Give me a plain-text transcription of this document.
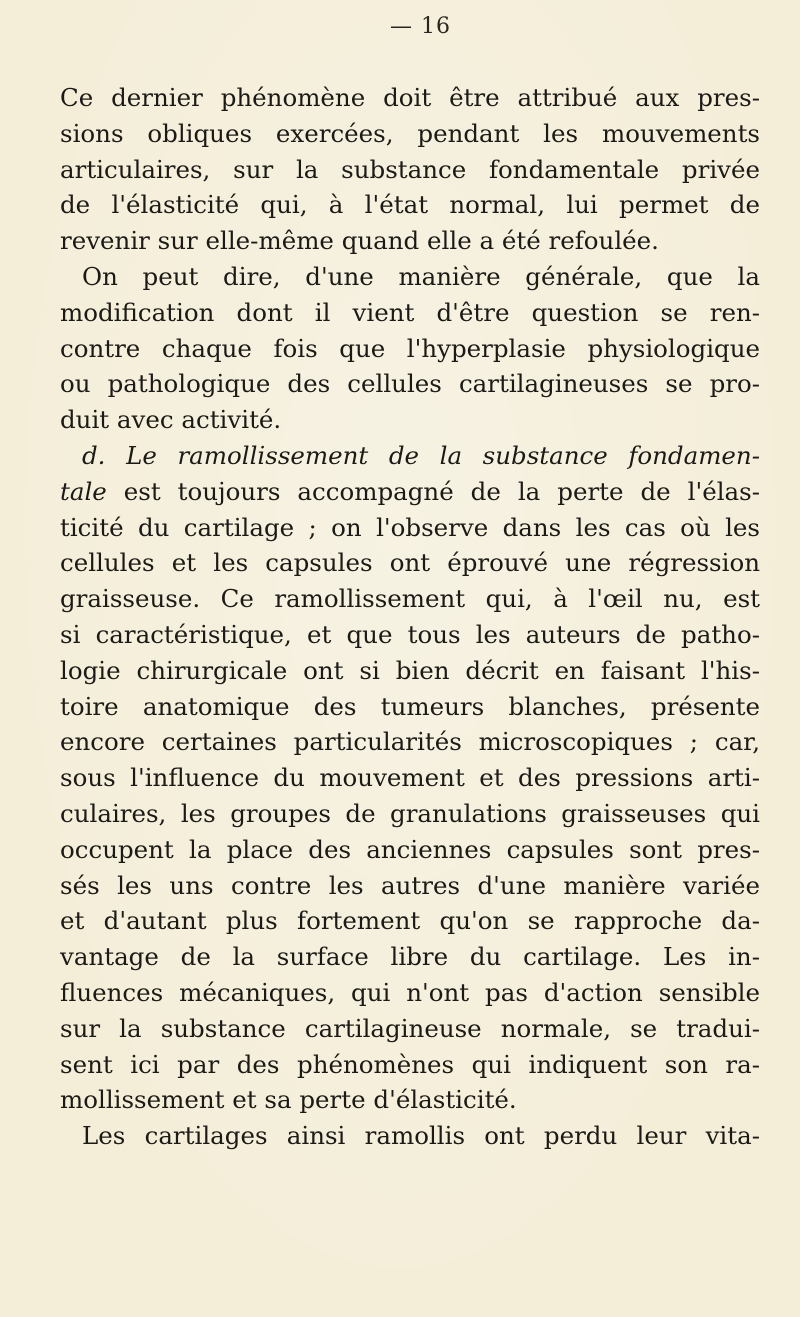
— 16
Ce dernier phénomène doit être attribué aux pres-
sions obliques exercées, pendant les mouvements
articulaires, sur la substance fondamentale privée
de l'élasticité qui, à l'état normal, lui permet de
revenir sur elle-même quand elle a été refoulée.
On peut dire, d'une manière générale, que la
modification dont il vient d'être question se ren-
contre chaque fois que l'hyperplasie physiologique
ou pathologique des cellules cartilagineuses se pro-
duit avec activité.
d. Le ramollissement de la substance fondamen-
tale est toujours accompagné de la perte de l'élas-
ticité du cartilage ; on l'observe dans les cas où les
cellules et les capsules ont éprouvé une régression
graisseuse. Ce ramollissement qui, à l'œil nu, est
si caractéristique, et que tous les auteurs de patho-
logie chirurgicale ont si bien décrit en faisant l'his-
toire anatomique des tumeurs blanches, présente
encore certaines particularités microscopiques ; car,
sous l'influence du mouvement et des pressions arti-
culaires, les groupes de granulations graisseuses qui
occupent la place des anciennes capsules sont pres-
sés les uns contre les autres d'une manière variée
et d'autant plus fortement qu'on se rapproche da-
vantage de la surface libre du cartilage. Les in-
fluences mécaniques, qui n'ont pas d'action sensible
sur la substance cartilagineuse normale, se tradui-
sent ici par des phénomènes qui indiquent son ra-
mollissement et sa perte d'élasticité.
Les cartilages ainsi ramollis ont perdu leur vita-
